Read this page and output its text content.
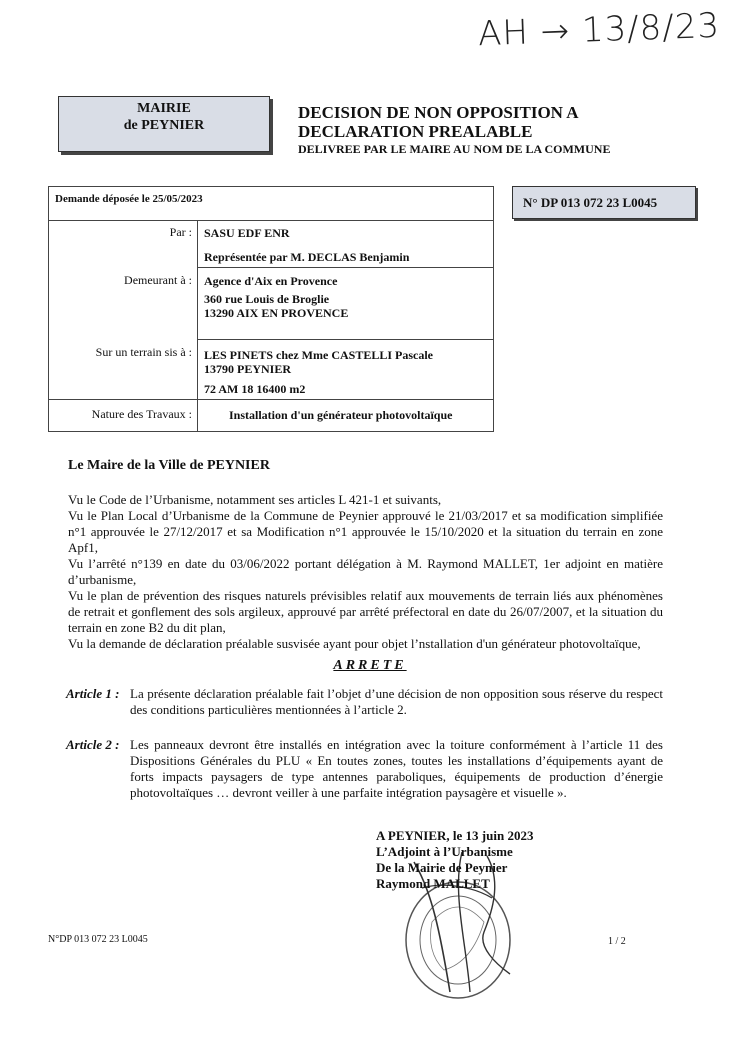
AH → 13/8/23
MAIRIE
de PEYNIER
DECISION DE NON OPPOSITION A
DECLARATION PREALABLE
DELIVREE PAR LE MAIRE AU NOM DE LA COMMUNE
Demande déposée le 25/05/2023
Par : SASU EDF ENR
Représentée par M. DECLAS Benjamin
Demeurant à : Agence d'Aix en Provence
360 rue Louis de Broglie
13290 AIX EN PROVENCE
Sur un terrain sis à : LES PINETS chez Mme CASTELLI Pascale
13790 PEYNIER
72 AM 18 16400 m2
Nature des Travaux :	Installation d'un générateur photovoltaïque
N° DP 013 072 23 L0045
Le Maire de la Ville de PEYNIER

Vu le Code de l’Urbanisme, notamment ses articles L 421-1 et suivants,

Vu le Plan Local d’Urbanisme de la Commune de Peynier approuvé le 21/03/2017 et sa modification simplifiée n°1 approuvée le 27/12/2017 et sa Modification n°1 approuvée le 15/10/2020 et la situation du terrain en zone Apf1,

Vu l’arrêté n°139 en date du 03/06/2022 portant délégation à M. Raymond MALLET, 1er adjoint en matière d’urbanisme,

Vu le plan de prévention des risques naturels prévisibles relatif aux mouvements de terrain liés aux phénomènes de retrait et gonflement des sols argileux, approuvé par arrêté préfectoral en date du 26/07/2007, et la situation du terrain en zone B2 du dit plan,

Vu la demande de déclaration préalable susvisée ayant pour objet l’nstallation d'un générateur photovoltaïque,

ARRETE
Article 1 : La présente déclaration préalable fait l’objet d’une décision de non opposition sous réserve du respect des conditions particulières mentionnées à l’article 2.
Article 2 : Les panneaux devront être installés en intégration avec la toiture conformément à l’article 11 des Dispositions Générales du PLU « En toutes zones, toutes les installations d’équipements ayant de forts impacts paysagers de type antennes paraboliques, équipements de production d’énergie photovoltaïques … devront veiller à une parfaite intégration paysagère et visuelle ».
A PEYNIER, le 13 juin 2023
L’Adjoint à l’Urbanisme
De la Mairie de Peynier
Raymond MALLET
N°DP 013 072 23 L0045	1 / 2
